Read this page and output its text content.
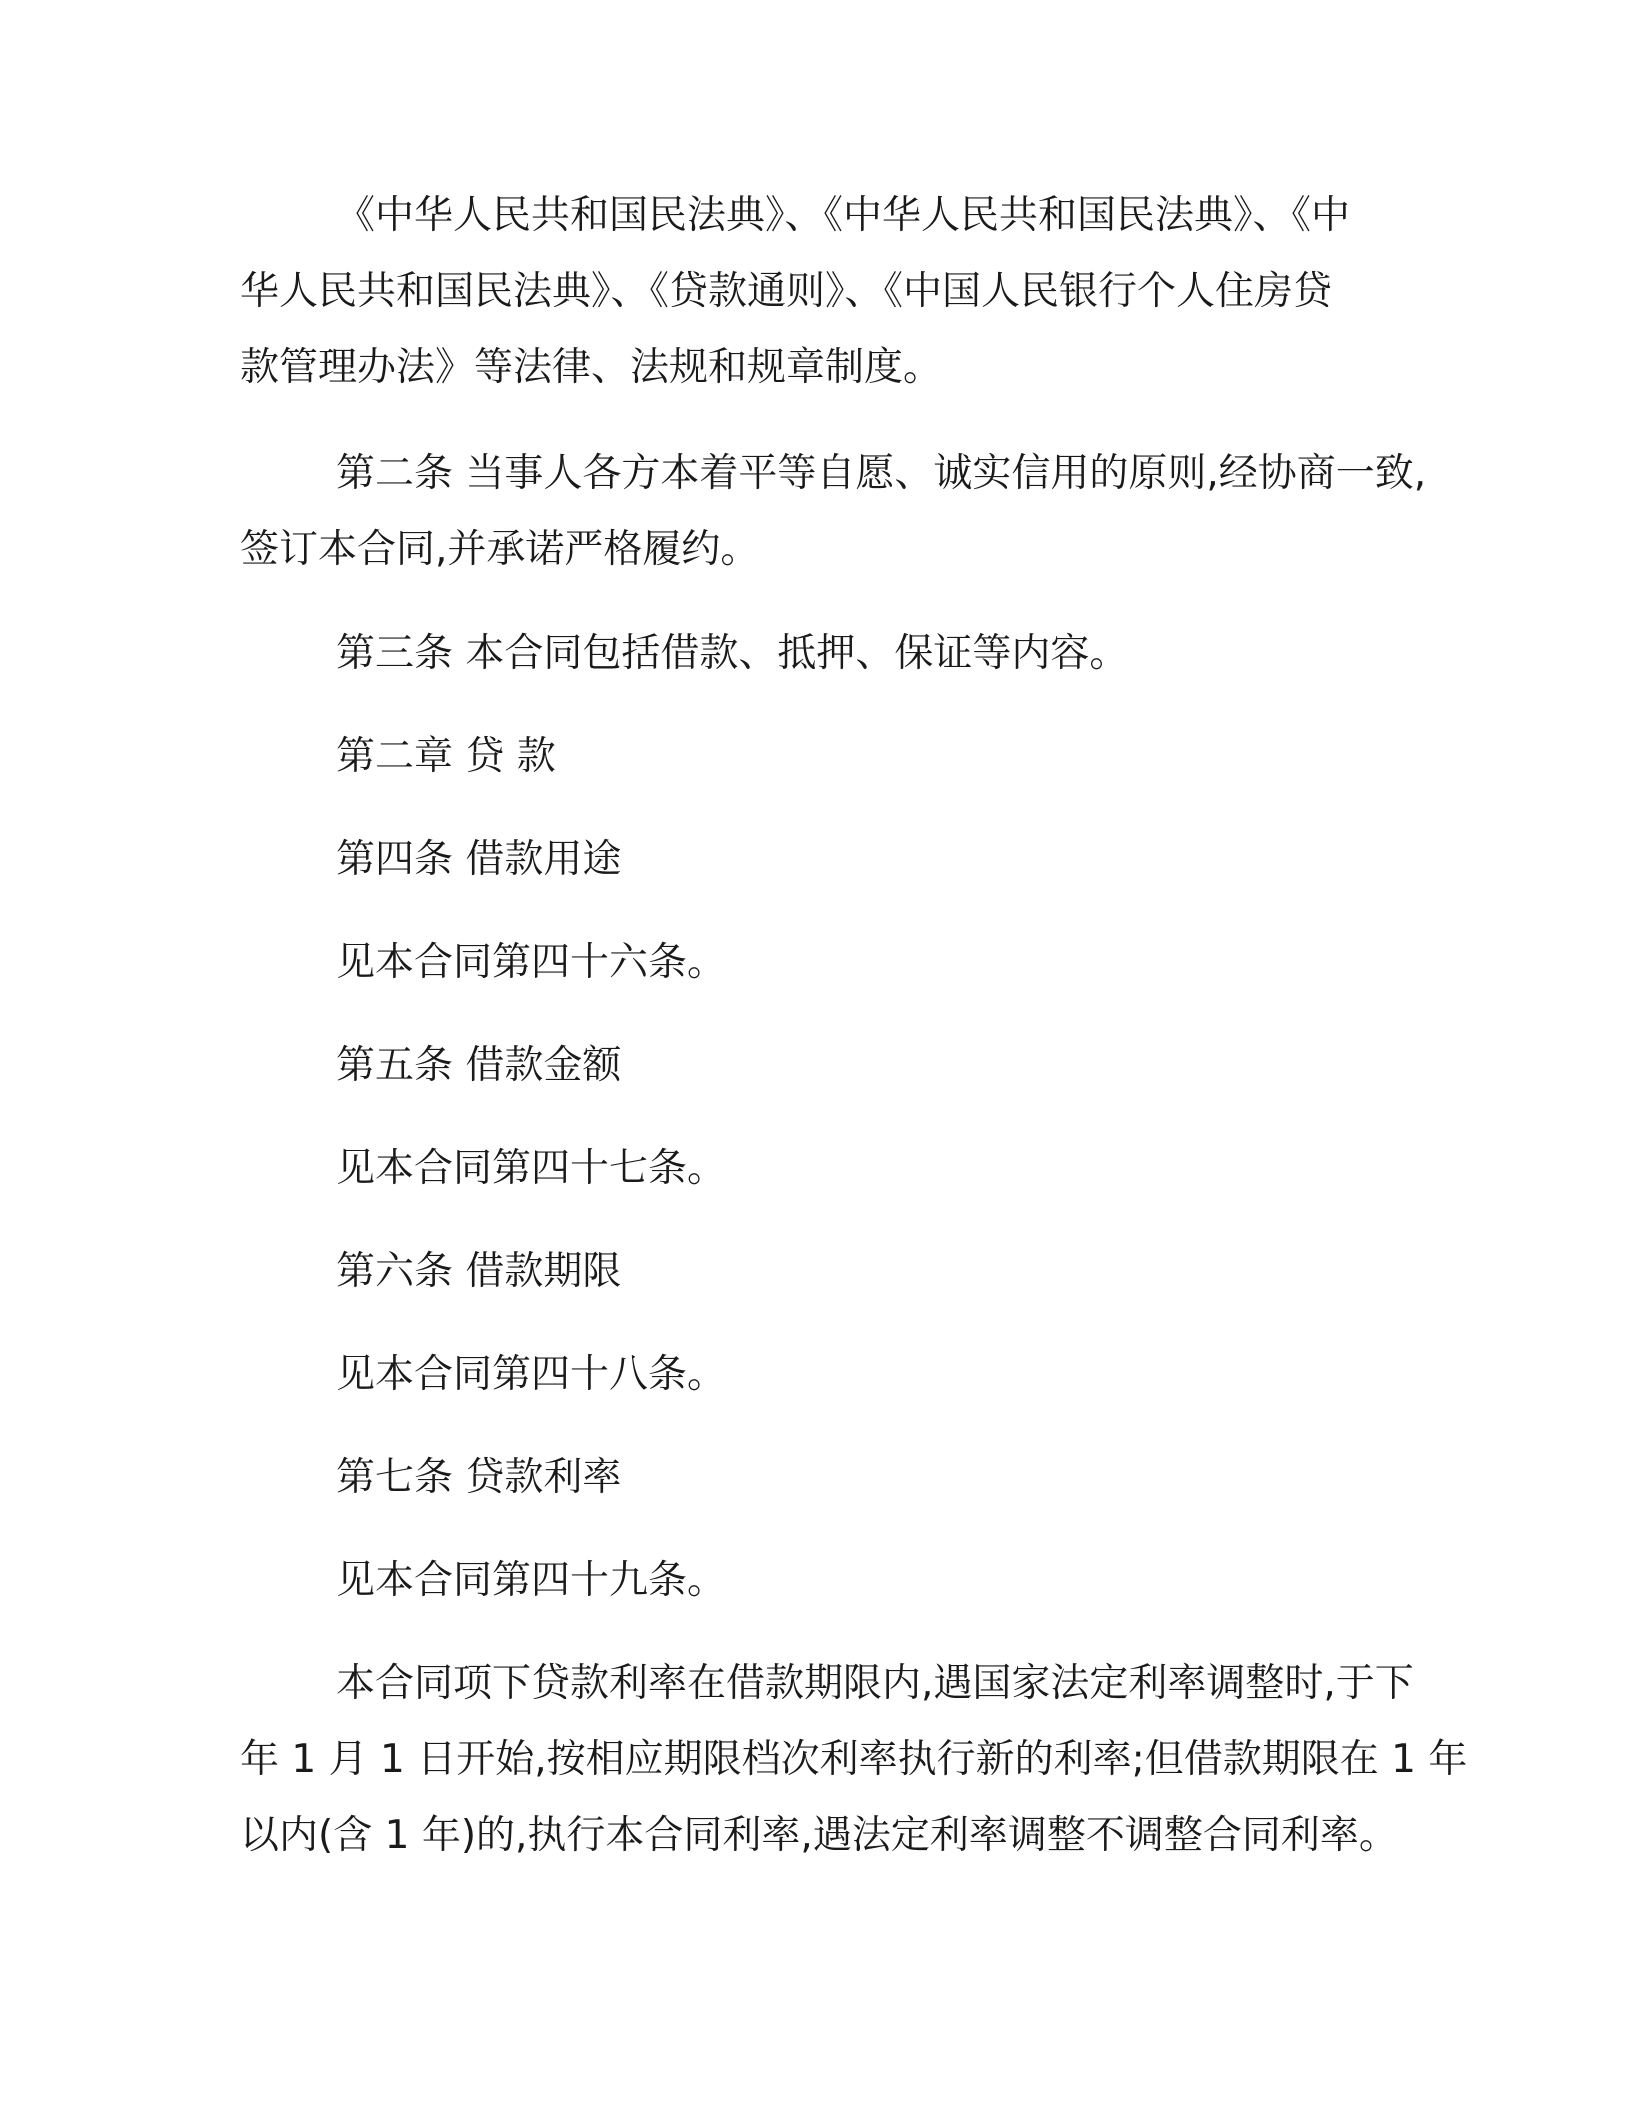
《中华人民共和国民法典》、《中华人民共和国民法典》、《中
华人民共和国民法典》、《贷款通则》、《中国人民银行个人住房贷
款管理办法》等法律、法规和规章制度。
第二条 当事人各方本着平等自愿、诚实信用的原则,经协商一致,
签订本合同,并承诺严格履约。
第三条 本合同包括借款、抵押、保证等内容。
第二章 贷 款
第四条 借款用途
见本合同第四十六条。
第五条 借款金额
见本合同第四十七条。
第六条 借款期限
见本合同第四十八条。
第七条 贷款利率
见本合同第四十九条。
本合同项下贷款利率在借款期限内,遇国家法定利率调整时,于下
年 1 月 1 日开始,按相应期限档次利率执行新的利率;但借款期限在 1 年
以内(含 1 年)的,执行本合同利率,遇法定利率调整不调整合同利率。
